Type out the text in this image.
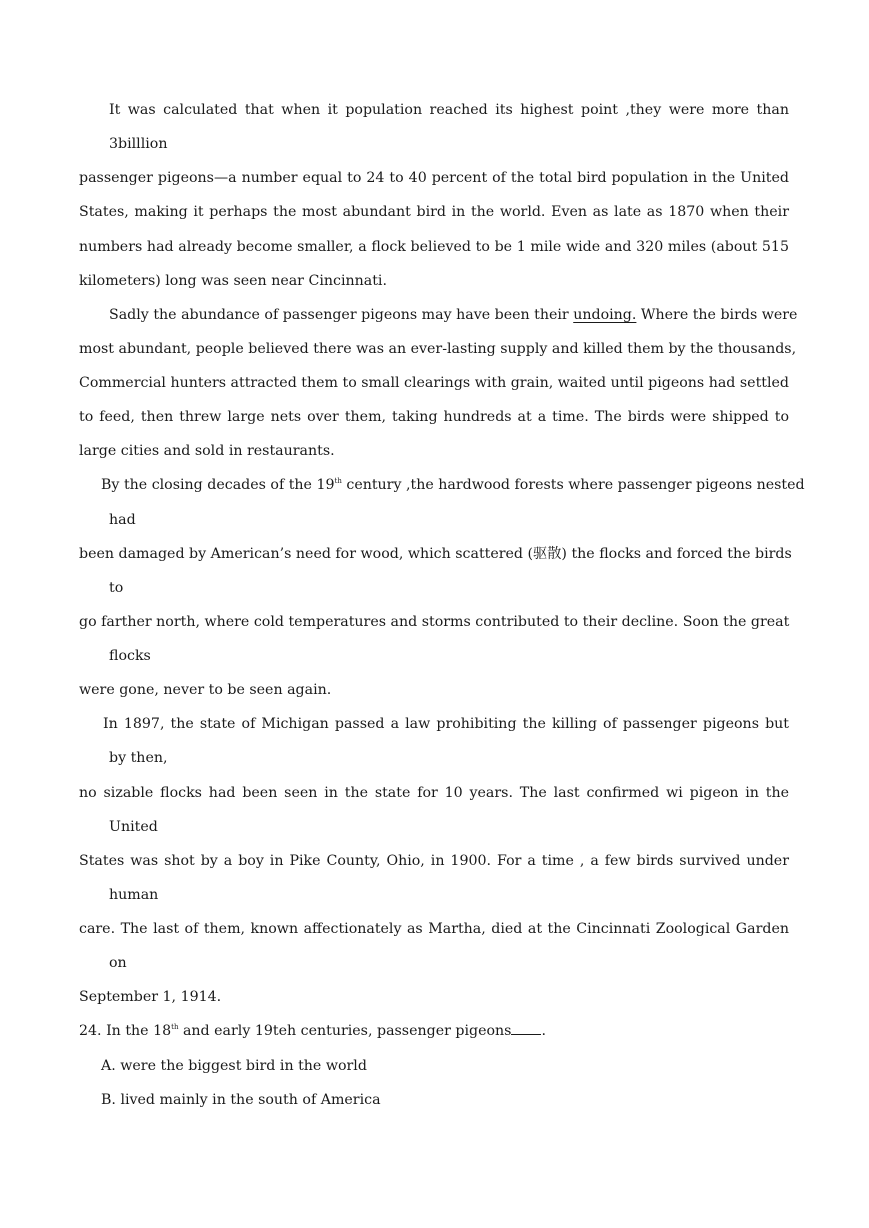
It was calculated that when it population reached its highest point ,they were more than

3billlion

passenger pigeons—a number equal to 24 to 40 percent of the total bird population in the United

States, making it perhaps the most abundant bird in the world. Even as late as 1870 when their

numbers had already become smaller, a flock believed to be 1 mile wide and 320 miles (about 515

kilometers) long was seen near Cincinnati.

Sadly the abundance of passenger pigeons may have been their undoing. Where the birds were

most abundant, people believed there was an ever-lasting supply and killed them by the thousands,

Commercial hunters attracted them to small clearings with grain, waited until pigeons had settled

to feed, then threw large nets over them, taking hundreds at a time. The birds were shipped to

large cities and sold in restaurants.

By the closing decades of the 19th century ,the hardwood forests where passenger pigeons nested

had

been damaged by American’s need for wood, which scattered (驱散) the flocks and forced the birds

to

go farther north, where cold temperatures and storms contributed to their decline. Soon the great

flocks

were gone, never to be seen again.

In 1897, the state of Michigan passed a law prohibiting the killing of passenger pigeons but

by then,

no sizable flocks had been seen in the state for 10 years. The last confirmed wi pigeon in the

United

States was shot by a boy in Pike County, Ohio, in 1900. For a time , a few birds survived under

human

care. The last of them, known affectionately as Martha, died at the Cincinnati Zoological Garden

on

September 1, 1914.

24. In the 18th and early 19teh centuries, passenger pigeons .

A. were the biggest bird in the world

B. lived mainly in the south of America
